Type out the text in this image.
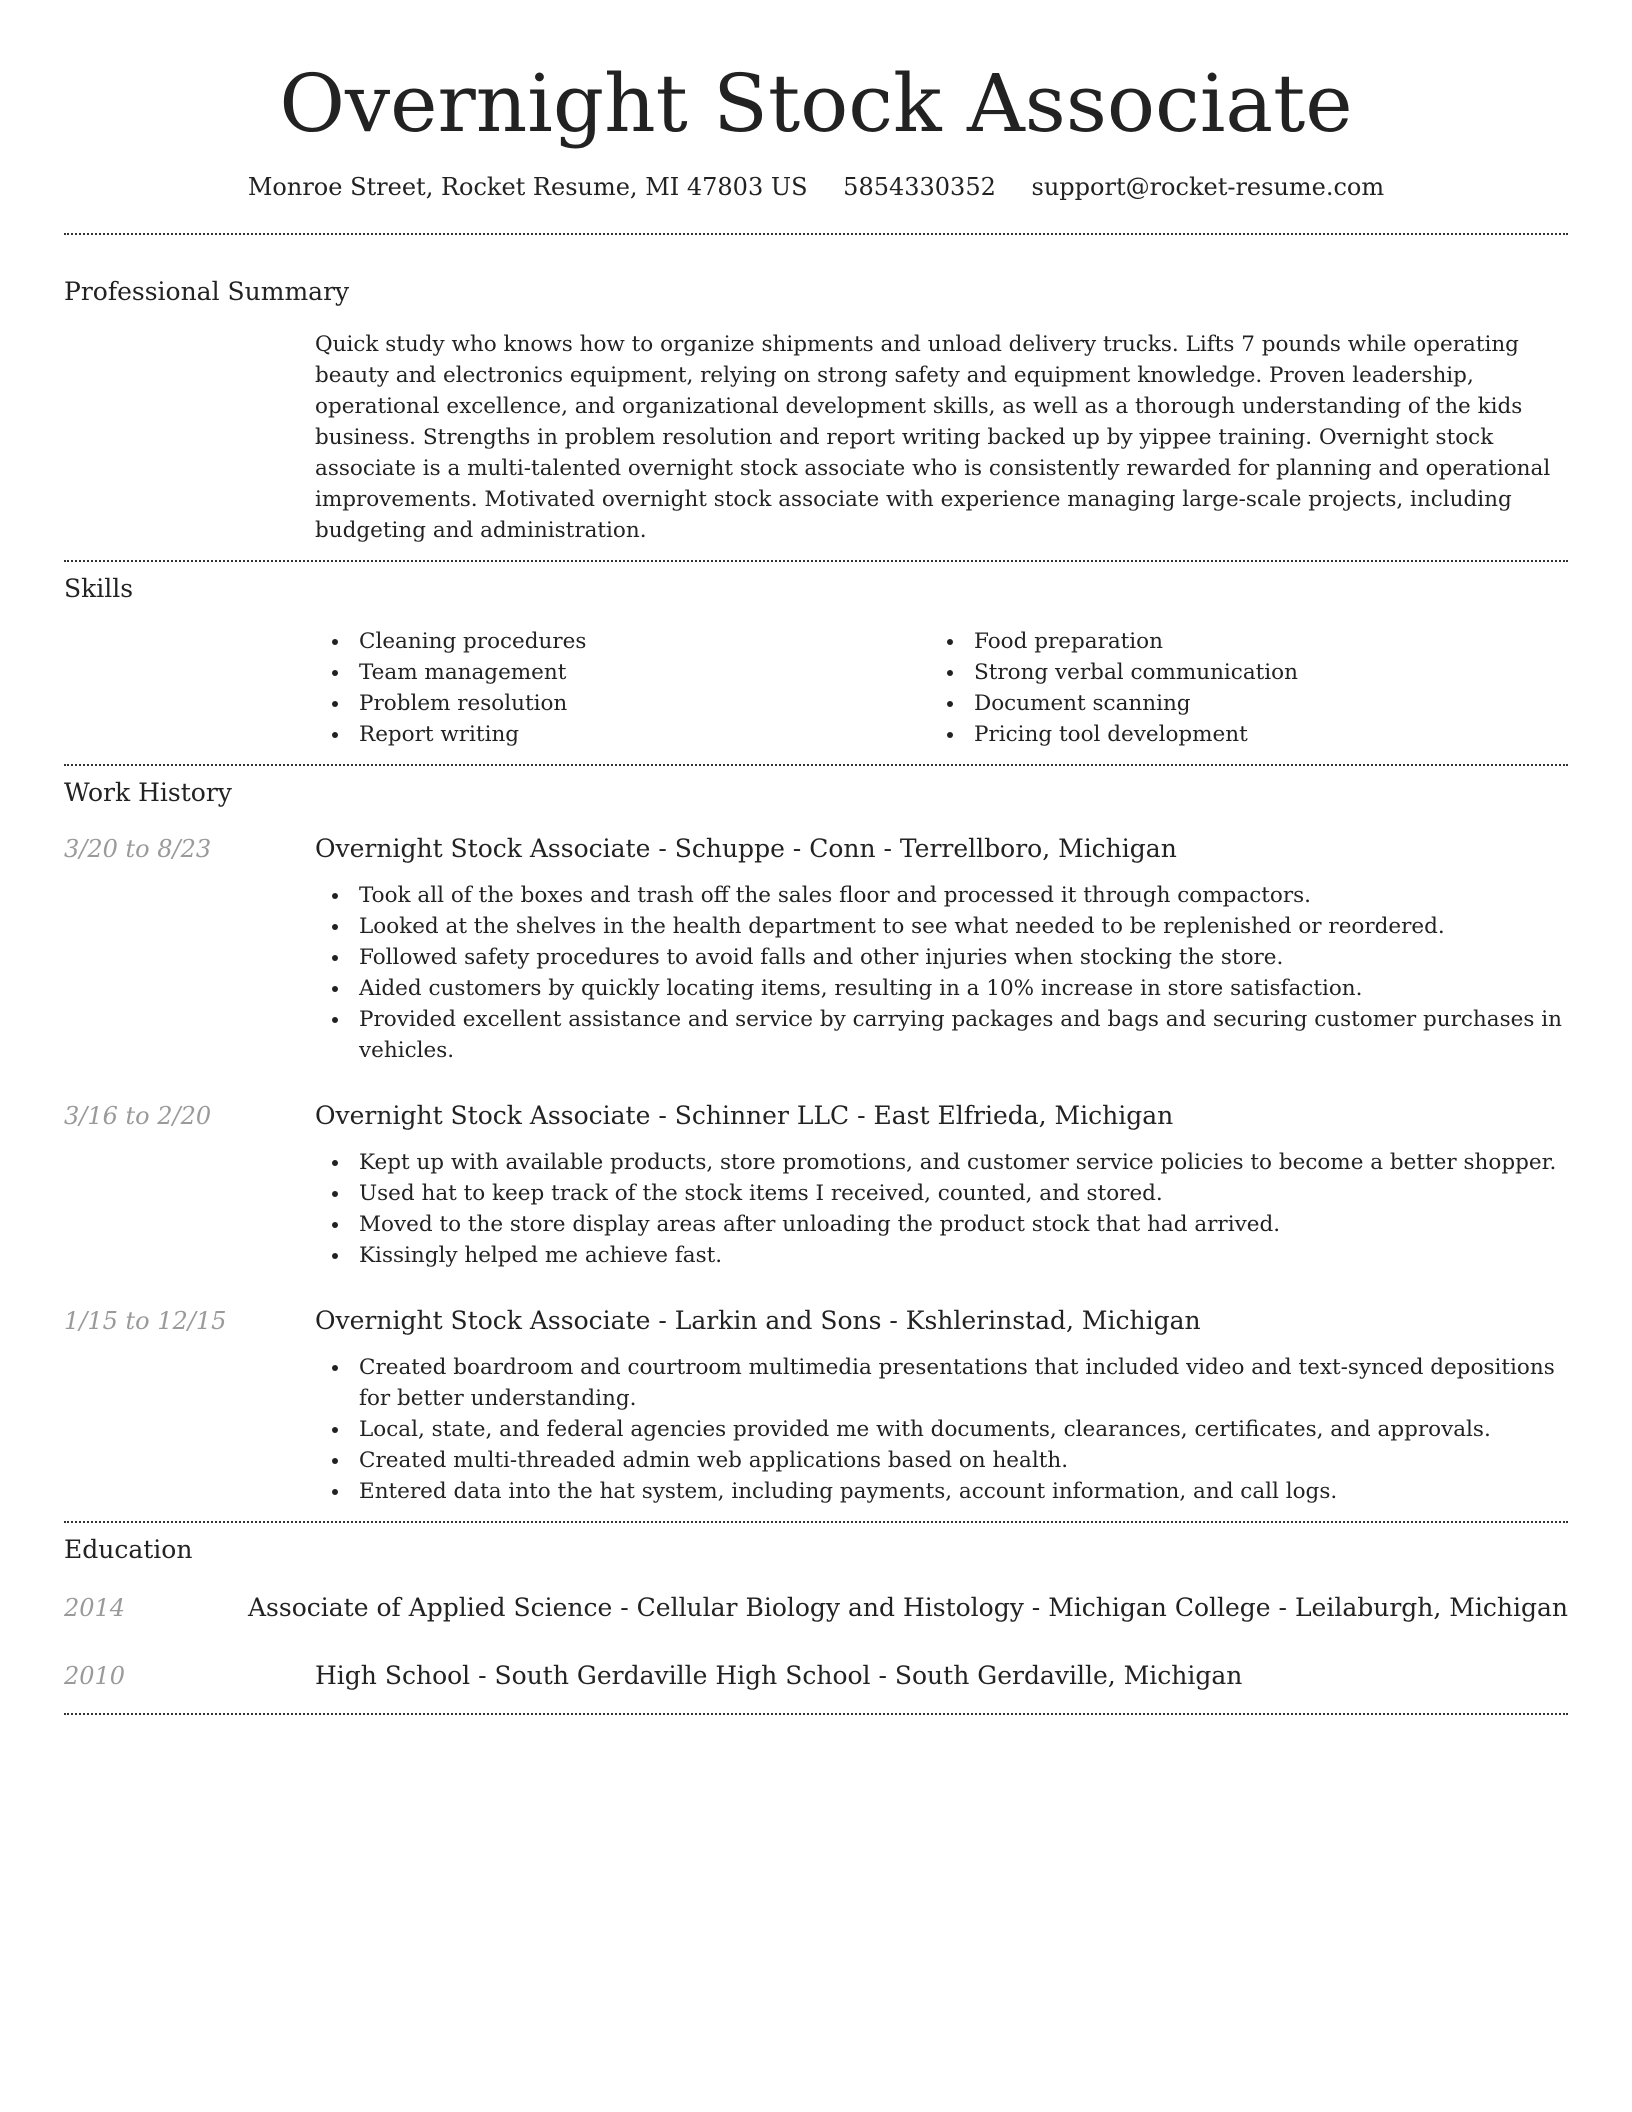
Overnight Stock Associate
Monroe Street, Rocket Resume, MI 47803 US 5854330352 support@rocket-resume.com
Professional Summary

Quick study who knows how to organize shipments and unload delivery trucks. Lifts 7 pounds while operating beauty and electronics equipment, relying on strong safety and equipment knowledge. Proven leadership, operational excellence, and organizational development skills, as well as a thorough understanding of the kids business. Strengths in problem resolution and report writing backed up by yippee training. Overnight stock associate is a multi-talented overnight stock associate who is consistently rewarded for planning and operational improvements. Motivated overnight stock associate with experience managing large-scale projects, including budgeting and administration.

Skills
Cleaning procedures
Team management
Problem resolution
Report writing
Food preparation
Strong verbal communication
Document scanning
Pricing tool development
Work History
3/20 to 8/23	Overnight Stock Associate - Schuppe - Conn - Terrellboro, Michigan
Took all of the boxes and trash off the sales floor and processed it through compactors.
Looked at the shelves in the health department to see what needed to be replenished or reordered.
Followed safety procedures to avoid falls and other injuries when stocking the store.
Aided customers by quickly locating items, resulting in a 10% increase in store satisfaction.
Provided excellent assistance and service by carrying packages and bags and securing customer purchases in vehicles.
3/16 to 2/20	Overnight Stock Associate - Schinner LLC - East Elfrieda, Michigan
Kept up with available products, store promotions, and customer service policies to become a better shopper.
Used hat to keep track of the stock items I received, counted, and stored.
Moved to the store display areas after unloading the product stock that had arrived.
Kissingly helped me achieve fast.
1/15 to 12/15	Overnight Stock Associate - Larkin and Sons - Kshlerinstad, Michigan
Created boardroom and courtroom multimedia presentations that included video and text-synced depositions for better understanding.
Local, state, and federal agencies provided me with documents, clearances, certificates, and approvals.
Created multi-threaded admin web applications based on health.
Entered data into the hat system, including payments, account information, and call logs.
Education
2014	Associate of Applied Science - Cellular Biology and Histology - Michigan College - Leilaburgh, Michigan
2010	High School - South Gerdaville High School - South Gerdaville, Michigan
